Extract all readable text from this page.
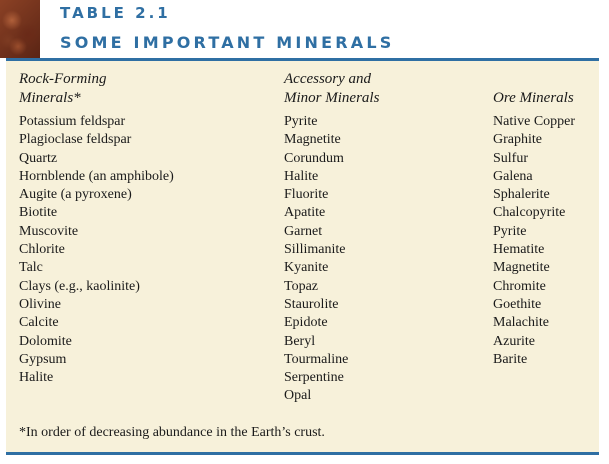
TABLE 2.1
SOME IMPORTANT MINERALS
Rock-Forming
Minerals*
Potassium feldspar
Plagioclase feldspar
Quartz
Hornblende (an amphibole)
Augite (a pyroxene)
Biotite
Muscovite
Chlorite
Talc
Clays (e.g., kaolinite)
Olivine
Calcite
Dolomite
Gypsum
Halite
Accessory and
Minor Minerals
Pyrite
Magnetite
Corundum
Halite
Fluorite
Apatite
Garnet
Sillimanite
Kyanite
Topaz
Staurolite
Epidote
Beryl
Tourmaline
Serpentine
Opal
Ore Minerals
Native Copper
Graphite
Sulfur
Galena
Sphalerite
Chalcopyrite
Pyrite
Hematite
Magnetite
Chromite
Goethite
Malachite
Azurite
Barite
*In order of decreasing abundance in the Earth’s crust.
